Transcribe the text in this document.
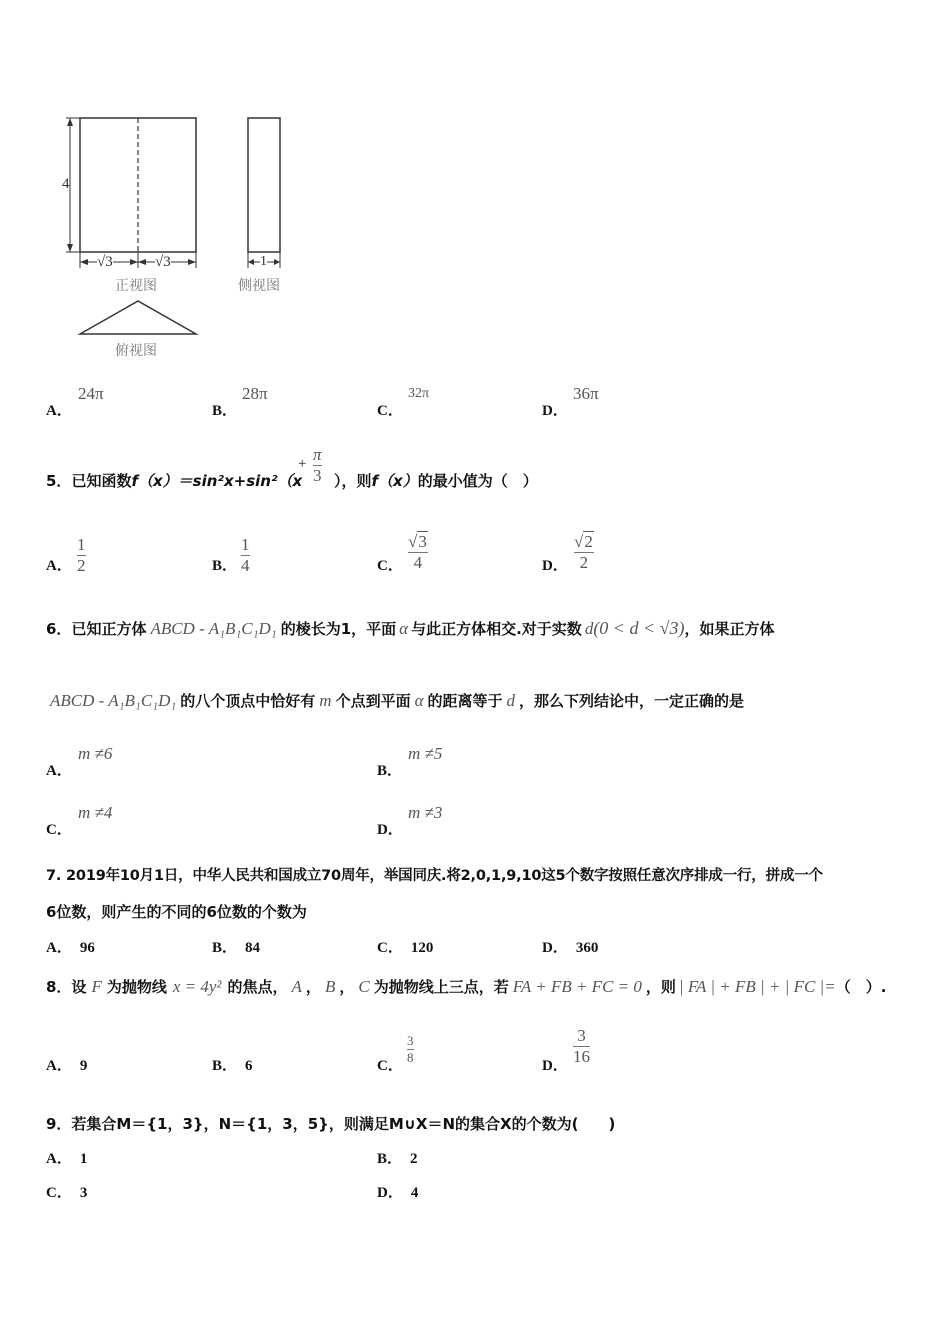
4
√3	√3	1
正视图	侧视图
俯视图
A．
24π
B．
28π
C．
32π
D．
36π
5．已知函数f（x）＝sin²x+sin²（x
+ π
3 ），则f（x）的最小值为（　）
A．
1
2	B．
1
4	C．
√3
4	D．
√2
2
6． 已知正方体 ABCD - A₁B₁C₁D₁ 的棱长为1，平面 α 与此正方体相交.对于实数 d (0 < d < √3) ，如果正方体
ABCD - A₁B₁C₁D₁ 的八个顶点中恰好有 m 个点到平面 α 的距离等于 d ，那么下列结论中，一定正确的是
A．
m ≠6
B．
m ≠5
C．
m ≠4
D．
m ≠3
7. 2019年10月1日，中华人民共和国成立70周年，举国同庆.将2,0,1,9,10这5个数字按照任意次序排成一行，拼成一个
6位数，则产生的不同的6位数的个数为
A． 96	B． 84	C． 120	D． 360
8．设 F 为抛物线 x = 4y² 的焦点， A ， B ， C 为抛物线上三点，若 FA + FB + FC = 0 ，则 | FA | + FB | + | FC |= （　）.
A． 9	B． 6	C．
3
8
D．
3
16
9．若集合M＝{1，3}，N＝{1，3，5}，则满足M∪X＝N的集合X的个数为(　　)
A． 1	B． 2
C． 3	D． 4
